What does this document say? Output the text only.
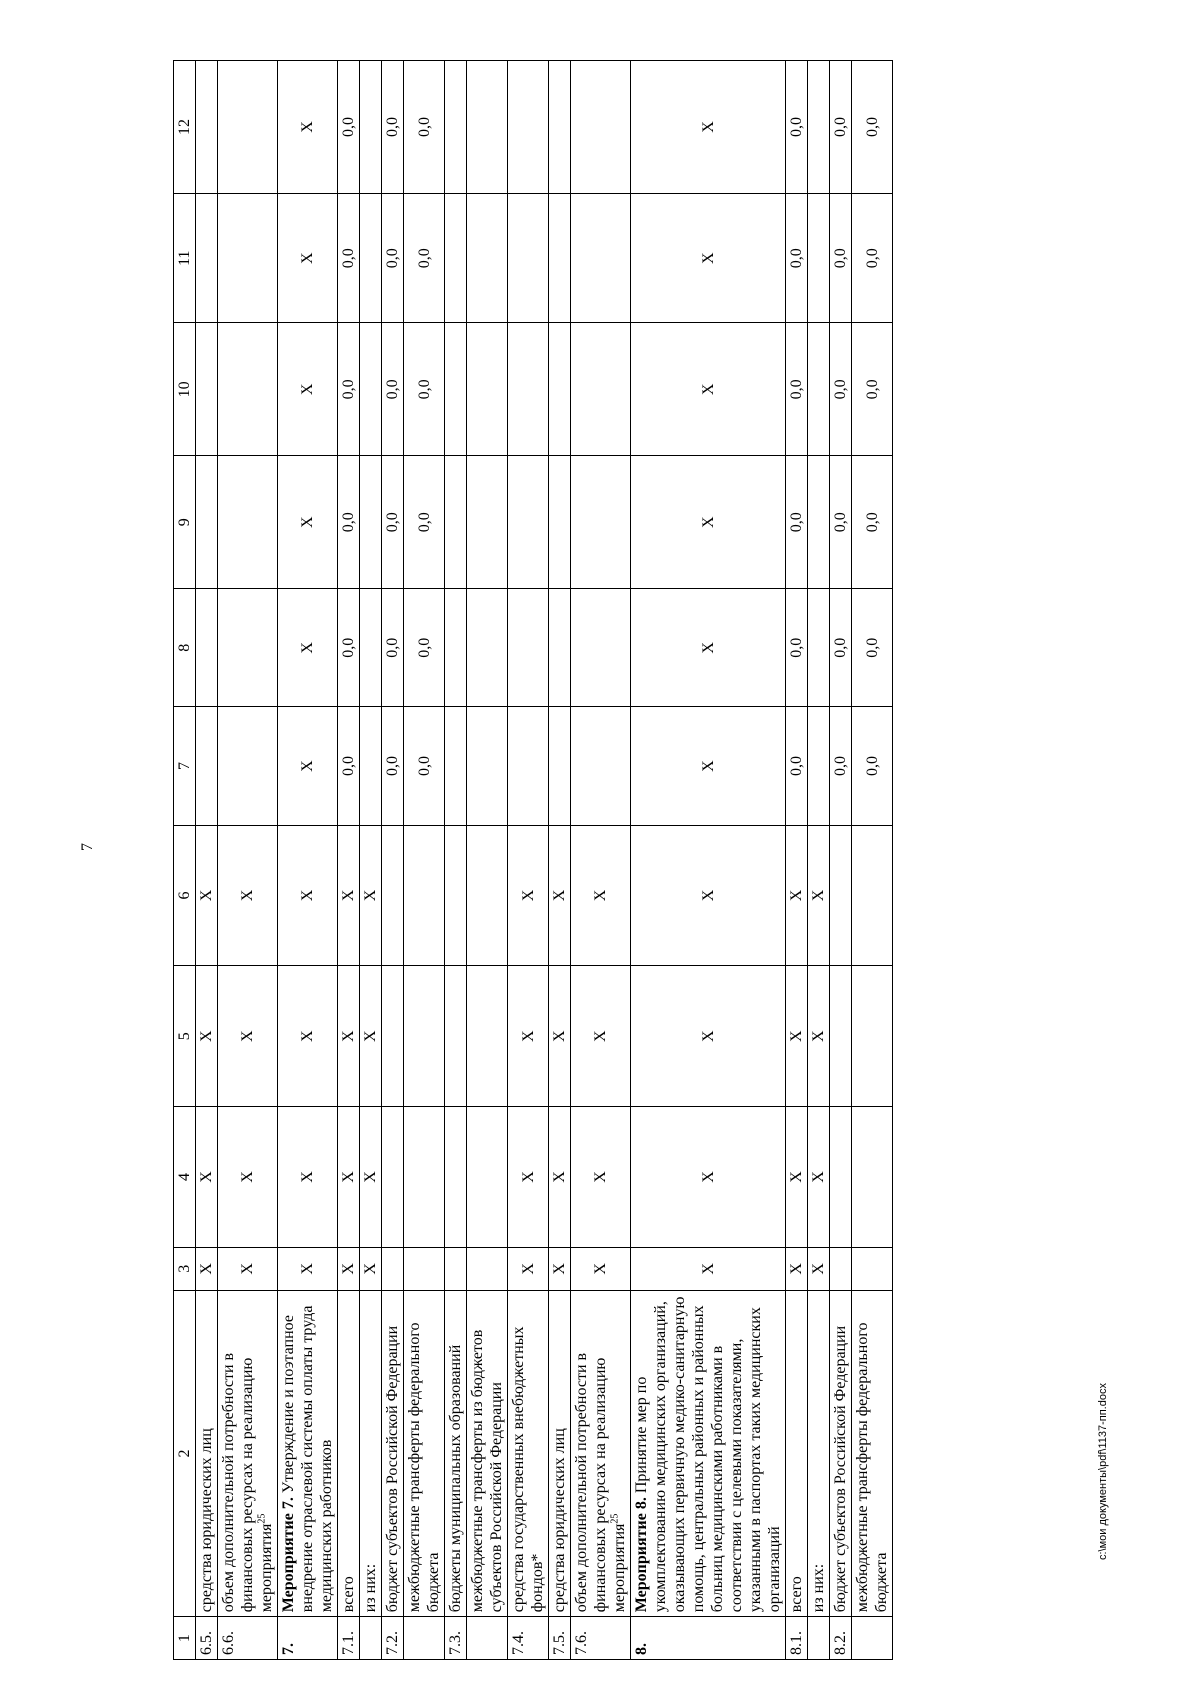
7
1	2	3	4	5	6	7	8	9	10	11	12
6.5.	средства юридических лиц	X	X	X	X						
6.6.	объем дополнительной потребности в финансовых ресурсах на реализацию мероприятия$^{25}$	X	X	X	X						
7.	Мероприятие 7. Утверждение и поэтапное внедрение отраслевой системы оплаты труда медицинских работников	X	X	X	X	X	X	X	X	X	X
7.1.	всего	X	X	X	X	0,0	0,0	0,0	0,0	0,0	0,0
	из них:	X	X	X	X						
7.2.	бюджет субъектов Российской Федерации					0,0	0,0	0,0	0,0	0,0	0,0
	межбюджетные трансферты федерального бюджета					0,0	0,0	0,0	0,0	0,0	0,0
7.3.	бюджеты муниципальных образований										
	межбюджетные трансферты из бюджетов субъектов Российской Федерации										
7.4.	средства государственных внебюджетных фондов*	X	X	X	X						
7.5.	средства юридических лиц	X	X	X	X						
7.6.	объем дополнительной потребности в финансовых ресурсах на реализацию мероприятия$^{25}$	X	X	X	X						
8.	Мероприятие 8. Принятие мер по укомплектованию медицинских организаций, оказывающих первичную медико-санитарную помощь, центральных районных и районных больниц медицинскими работниками в соответствии с целевыми показателями, указанными в паспортах таких медицинских организаций	X	X	X	X	X	X	X	X	X	X
8.1.	всего	X	X	X	X	0,0	0,0	0,0	0,0	0,0	0,0
	из них:	X	X	X	X						
8.2.	бюджет субъектов Российской Федерации					0,0	0,0	0,0	0,0	0,0	0,0
	межбюджетные трансферты федерального бюджета					0,0	0,0	0,0	0,0	0,0	0,0
c:\мои документы\pdf\1137-пп.docx
